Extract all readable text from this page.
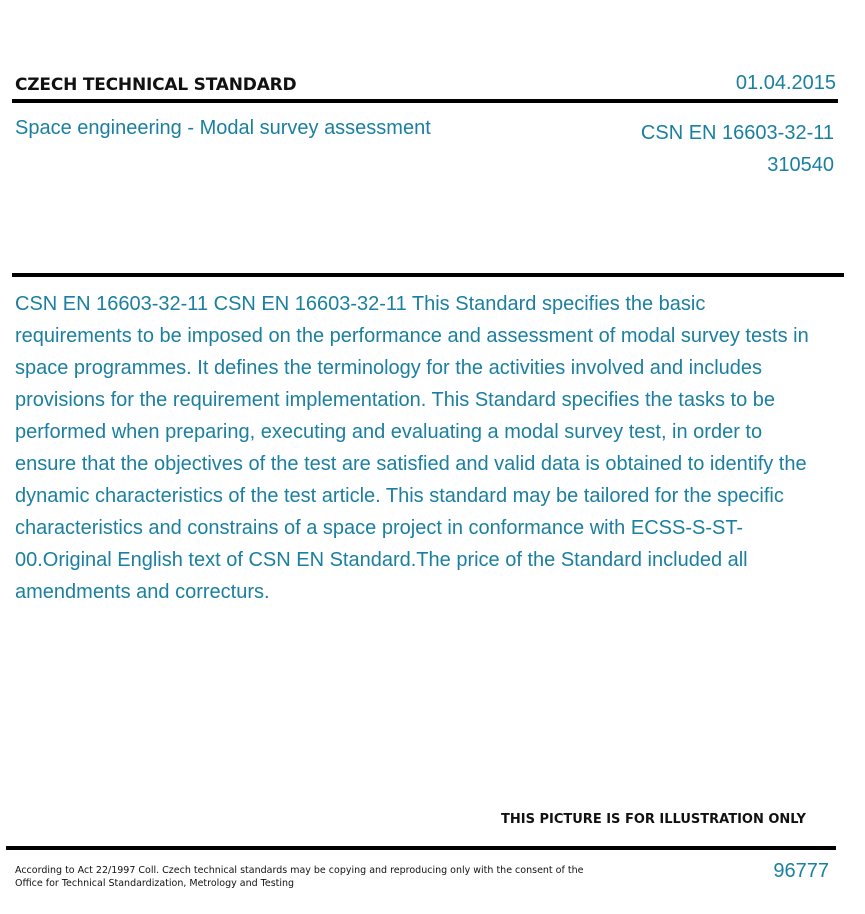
CZECH TECHNICAL STANDARD	01.04.2015
Space engineering - Modal survey assessment	CSN EN 16603-32-11
310540
CSN EN 16603-32-11 CSN EN 16603-32-11 This Standard specifies the basic requirements to be imposed on the performance and assessment of modal survey tests in space programmes. It defines the terminology for the activities involved and includes provisions for the requirement implementation. This Standard specifies the tasks to be performed when preparing, executing and evaluating a modal survey test, in order to ensure that the objectives of the test are satisfied and valid data is obtained to identify the dynamic characteristics of the test article. This standard may be tailored for the specific characteristics and constrains of a space project in conformance with ECSS-S-ST-00.Original English text of CSN EN Standard.The price of the Standard included all amendments and correcturs.
THIS PICTURE IS FOR ILLUSTRATION ONLY
According to Act 22/1997 Coll. Czech technical standards may be copying and reproducing only with the consent of the Office for Technical Standardization, Metrology and Testing
96777
